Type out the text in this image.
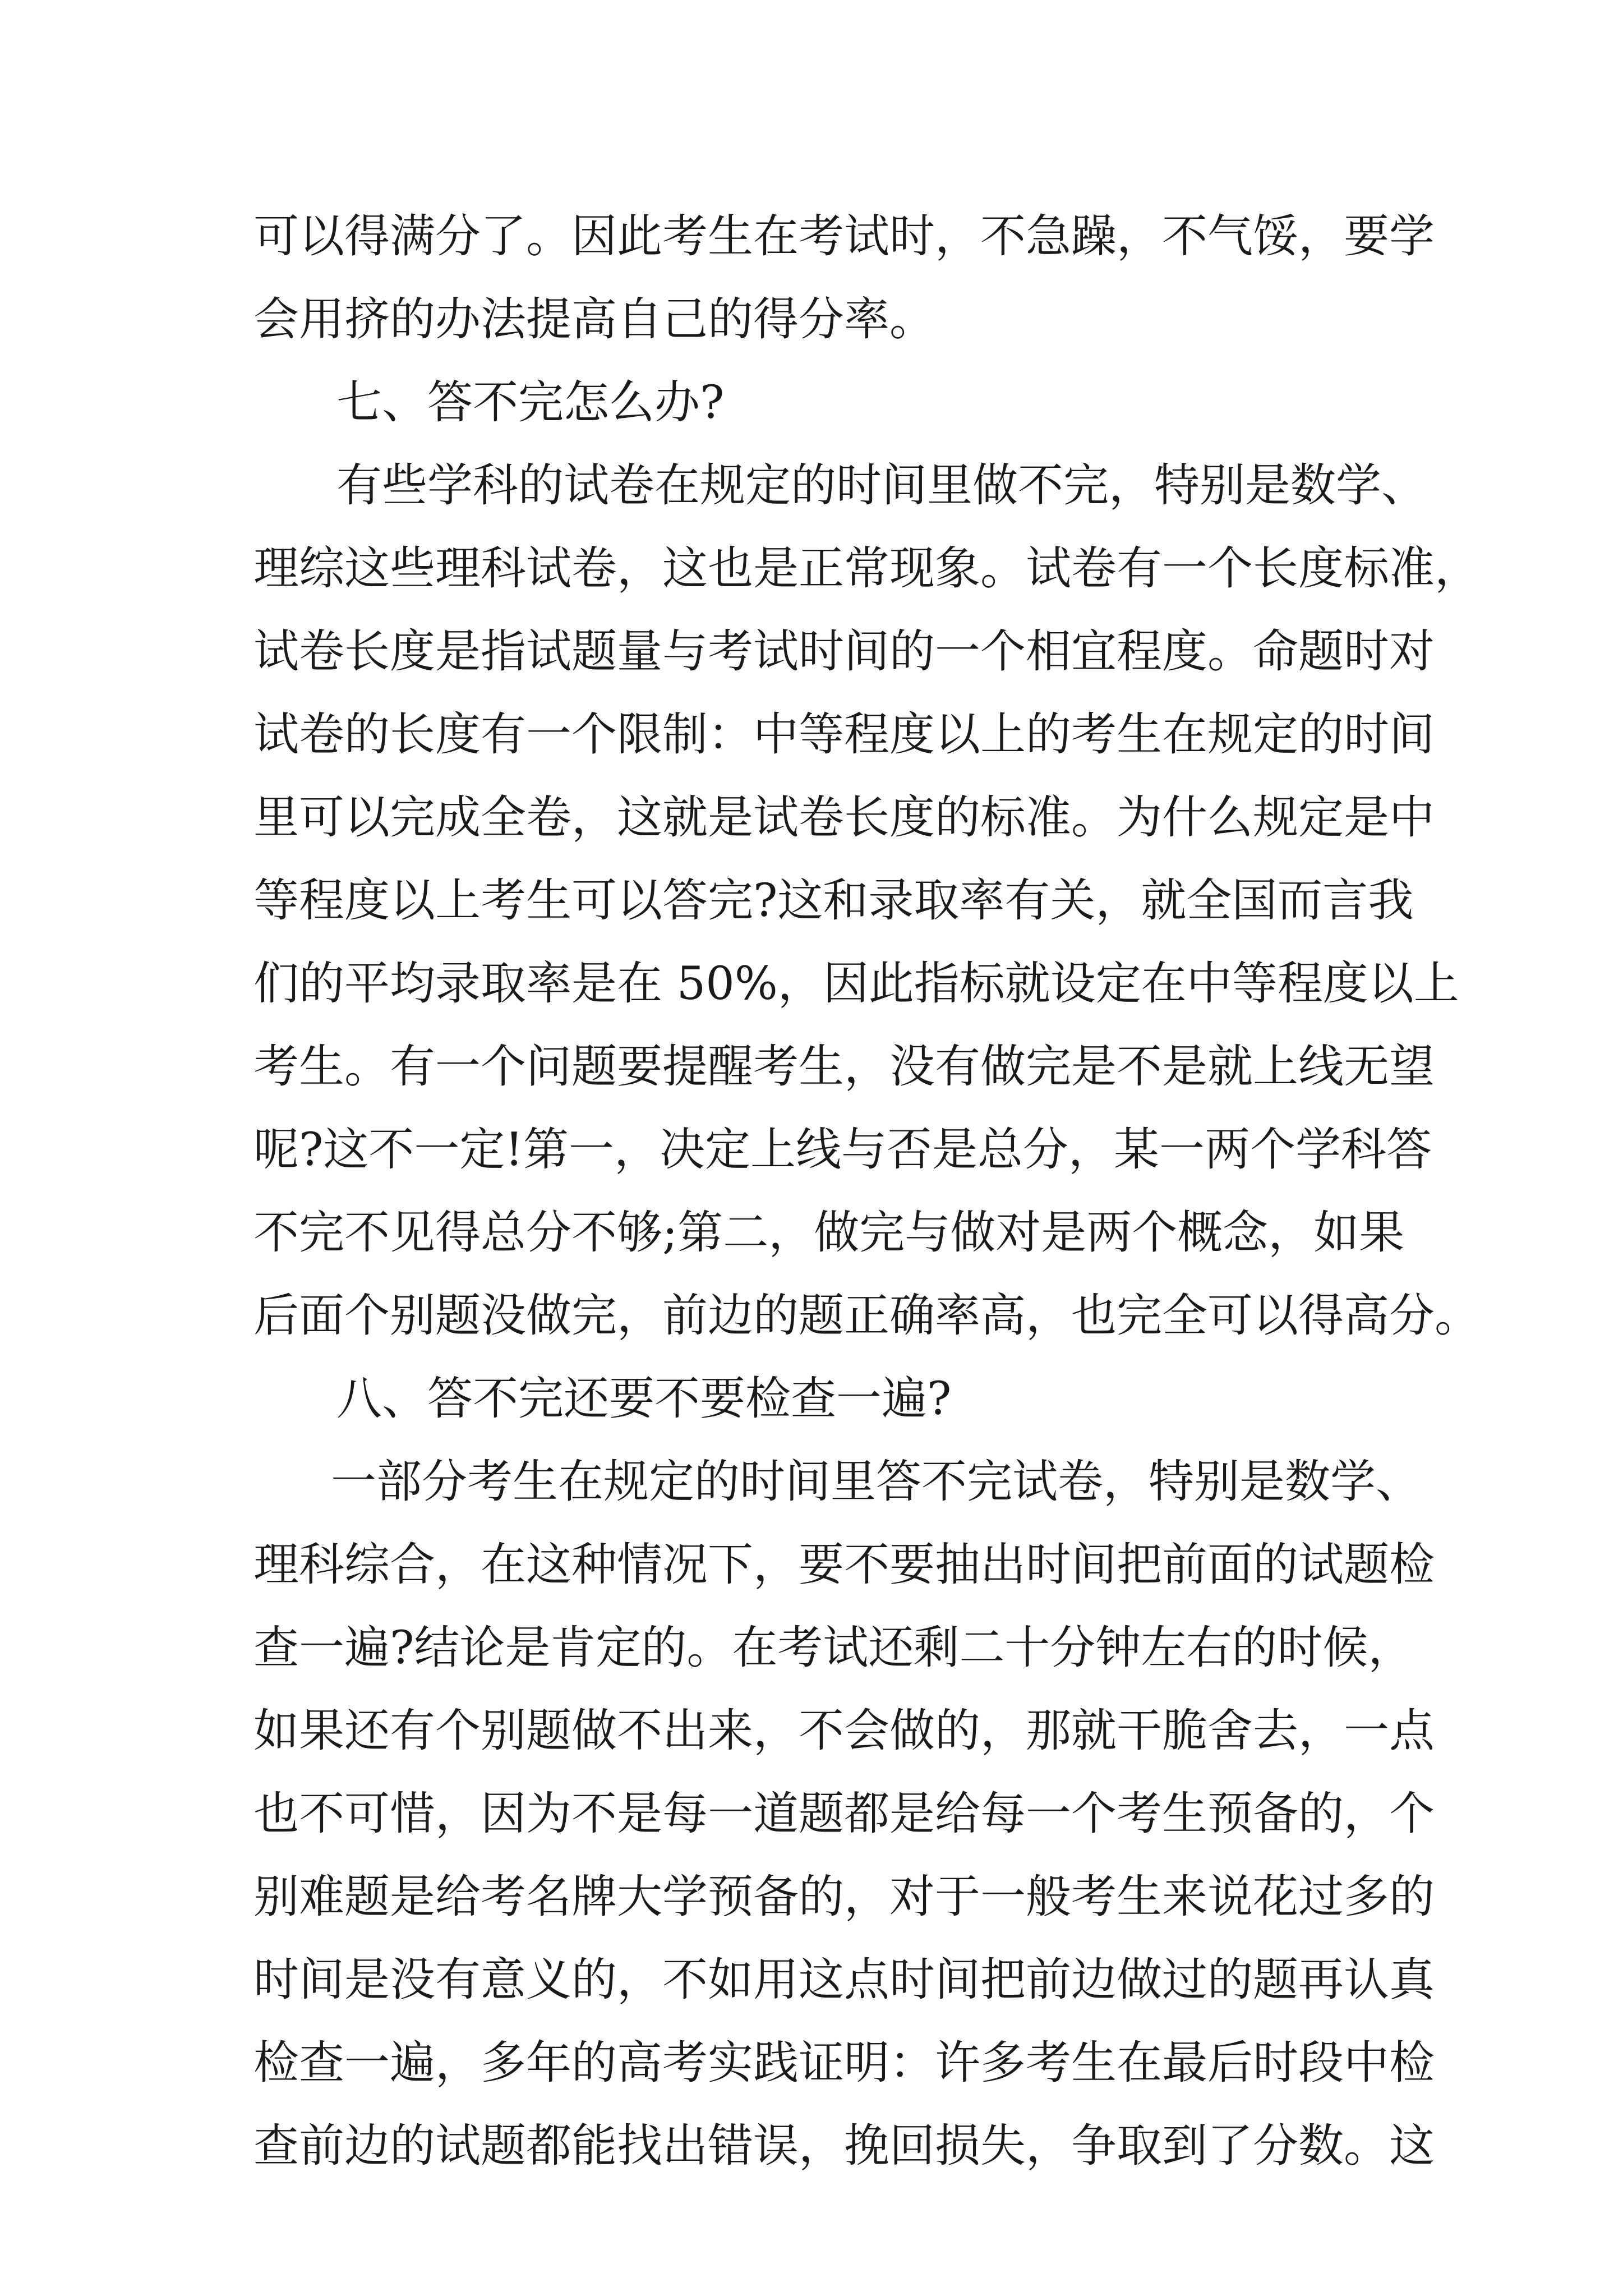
可以得满分了。因此考生在考试时，不急躁，不气馁，要学

会用挤的办法提高自己的得分率。

七、答不完怎么办?

有些学科的试卷在规定的时间里做不完，特别是数学、

理综这些理科试卷，这也是正常现象。试卷有一个长度标准，

试卷长度是指试题量与考试时间的一个相宜程度。命题时对

试卷的长度有一个限制：中等程度以上的考生在规定的时间

里可以完成全卷，这就是试卷长度的标准。为什么规定是中

等程度以上考生可以答完?这和录取率有关，就全国而言我

们的平均录取率是在 50%，因此指标就设定在中等程度以上

考生。有一个问题要提醒考生，没有做完是不是就上线无望

呢?这不一定!第一，决定上线与否是总分，某一两个学科答

不完不见得总分不够;第二，做完与做对是两个概念，如果

后面个别题没做完，前边的题正确率高，也完全可以得高分。

八、答不完还要不要检查一遍?

一部分考生在规定的时间里答不完试卷，特别是数学、

理科综合，在这种情况下，要不要抽出时间把前面的试题检

查一遍?结论是肯定的。在考试还剩二十分钟左右的时候，

如果还有个别题做不出来，不会做的，那就干脆舍去，一点

也不可惜，因为不是每一道题都是给每一个考生预备的，个

别难题是给考名牌大学预备的，对于一般考生来说花过多的

时间是没有意义的，不如用这点时间把前边做过的题再认真

检查一遍，多年的高考实践证明：许多考生在最后时段中检

查前边的试题都能找出错误，挽回损失，争取到了分数。这
